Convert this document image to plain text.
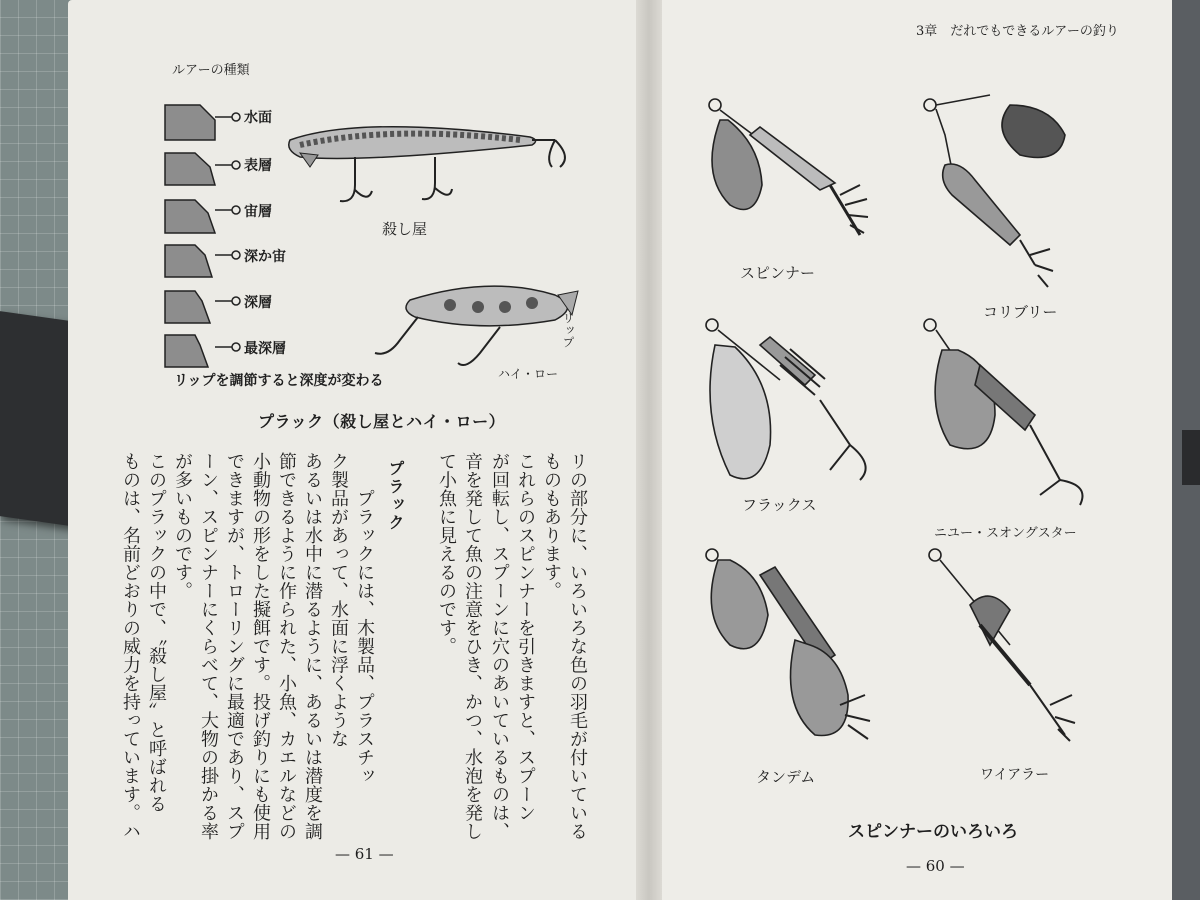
ルアーの種類
水面
表層
宙層
深か宙
深層
最深層
リップを調節すると深度が変わる
殺し屋
ハイ・ロー
リップ
プラック（殺し屋とハイ・ロー）
リの部分に、いろいろな色の羽毛が付いている
ものもあります。
これらのスピンナーを引きますと、スプーン
が回転し、スプーンに穴のあいているものは、
音を発して魚の注意をひき、かつ、水泡を発し
て小魚に見えるのです。
プラック
　　プラックには、木製品、プラスチッ
ク製品があって、水面に浮くような
あるいは水中に潜るように、あるいは潜度を調
節できるように作られた、小魚、カエルなどの
小動物の形をした擬餌です。投げ釣りにも使用
できますが、トローリングに最適であり、スプ
ーン、スピンナーにくらべて、大物の掛かる率
が多いものです。
このプラックの中で、〝殺し屋〟と呼ばれる
ものは、名前どおりの威力を持っています。ハ
— 61 —
3章　だれでもできるルアーの釣り
スピンナー
コリブリー
フラックス
ニユー・スオングスター
タンデム	ワイアラー
スピンナーのいろいろ
— 60 —
